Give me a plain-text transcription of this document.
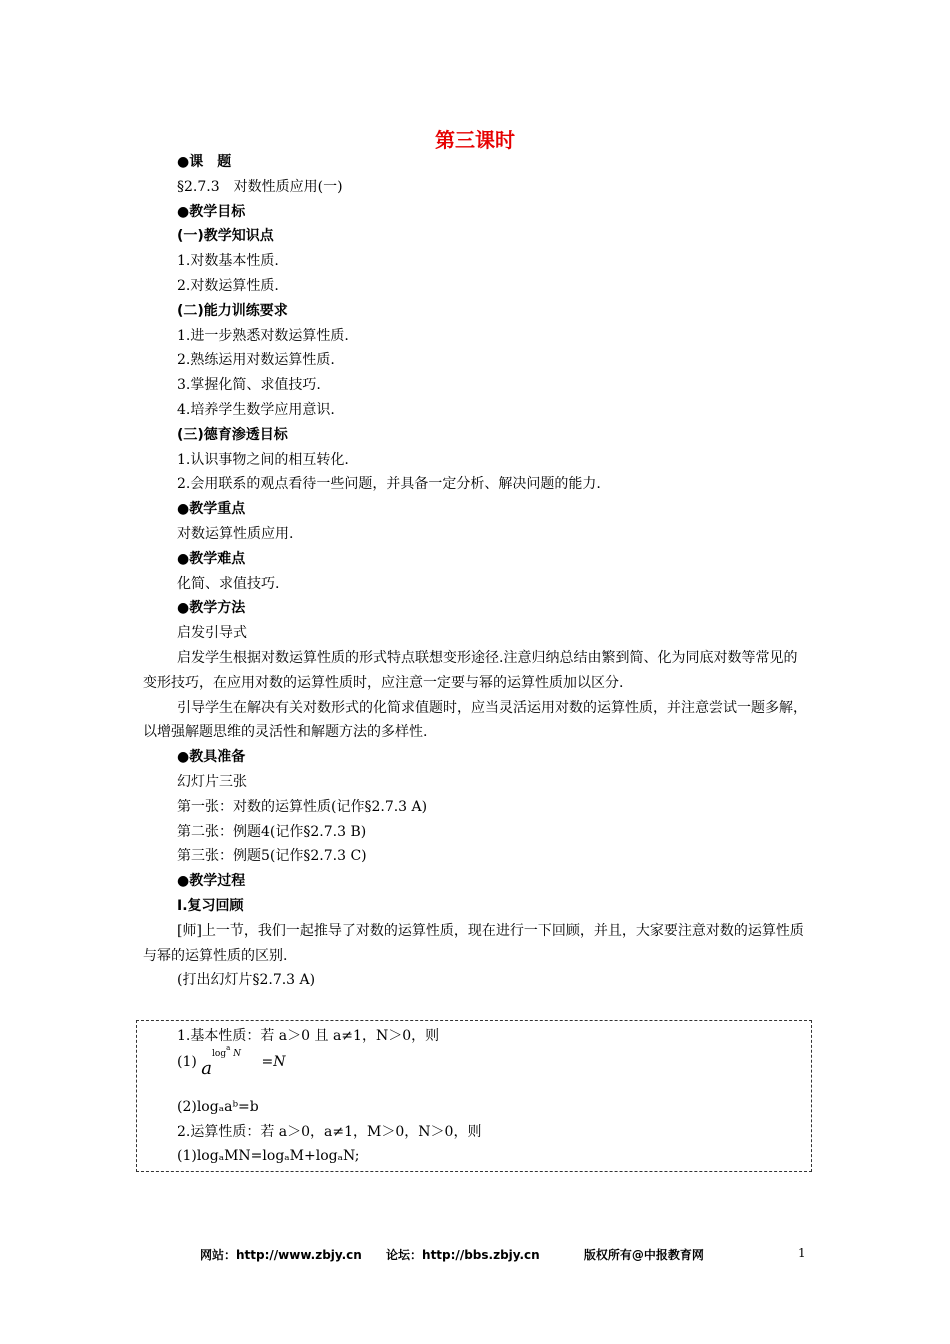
第三课时
●课　题
§2.7.3　对数性质应用(一)
●教学目标
(一)教学知识点
1.对数基本性质.
2.对数运算性质.
(二)能力训练要求
1.进一步熟悉对数运算性质.
2.熟练运用对数运算性质.
3.掌握化简、求值技巧.
4.培养学生数学应用意识.
(三)德育渗透目标
1.认识事物之间的相互转化.
2.会用联系的观点看待一些问题，并具备一定分析、解决问题的能力.
●教学重点
对数运算性质应用.
●教学难点
化简、求值技巧.
●教学方法
启发引导式
启发学生根据对数运算性质的形式特点联想变形途径.注意归纳总结由繁到简、化为同底对数等常见的变形技巧，在应用对数的运算性质时，应注意一定要与幂的运算性质加以区分.
引导学生在解决有关对数形式的化简求值题时，应当灵活运用对数的运算性质，并注意尝试一题多解，以增强解题思维的灵活性和解题方法的多样性.
●教具准备
幻灯片三张
第一张：对数的运算性质(记作§2.7.3 A)
第二张：例题4(记作§2.7.3 B)
第三张：例题5(记作§2.7.3 C)
●教学过程
Ⅰ.复习回顾
[师]上一节，我们一起推导了对数的运算性质，现在进行一下回顾，并且，大家要注意对数的运算性质与幂的运算性质的区别.
(打出幻灯片§2.7.3 A)
1.基本性质：若 a＞0 且 a≠1，N＞0，则
(1) $a^{log^a N} =N$
(2)logₐaᵇ=b
2.运算性质：若 a＞0，a≠1，M＞0，N＞0，则
(1)logₐMN=logₐM+logₐN;
网站：http://www.zbjy.cn 论坛：http://bbs.zbjy.cn	版权所有@中报教育网	1
